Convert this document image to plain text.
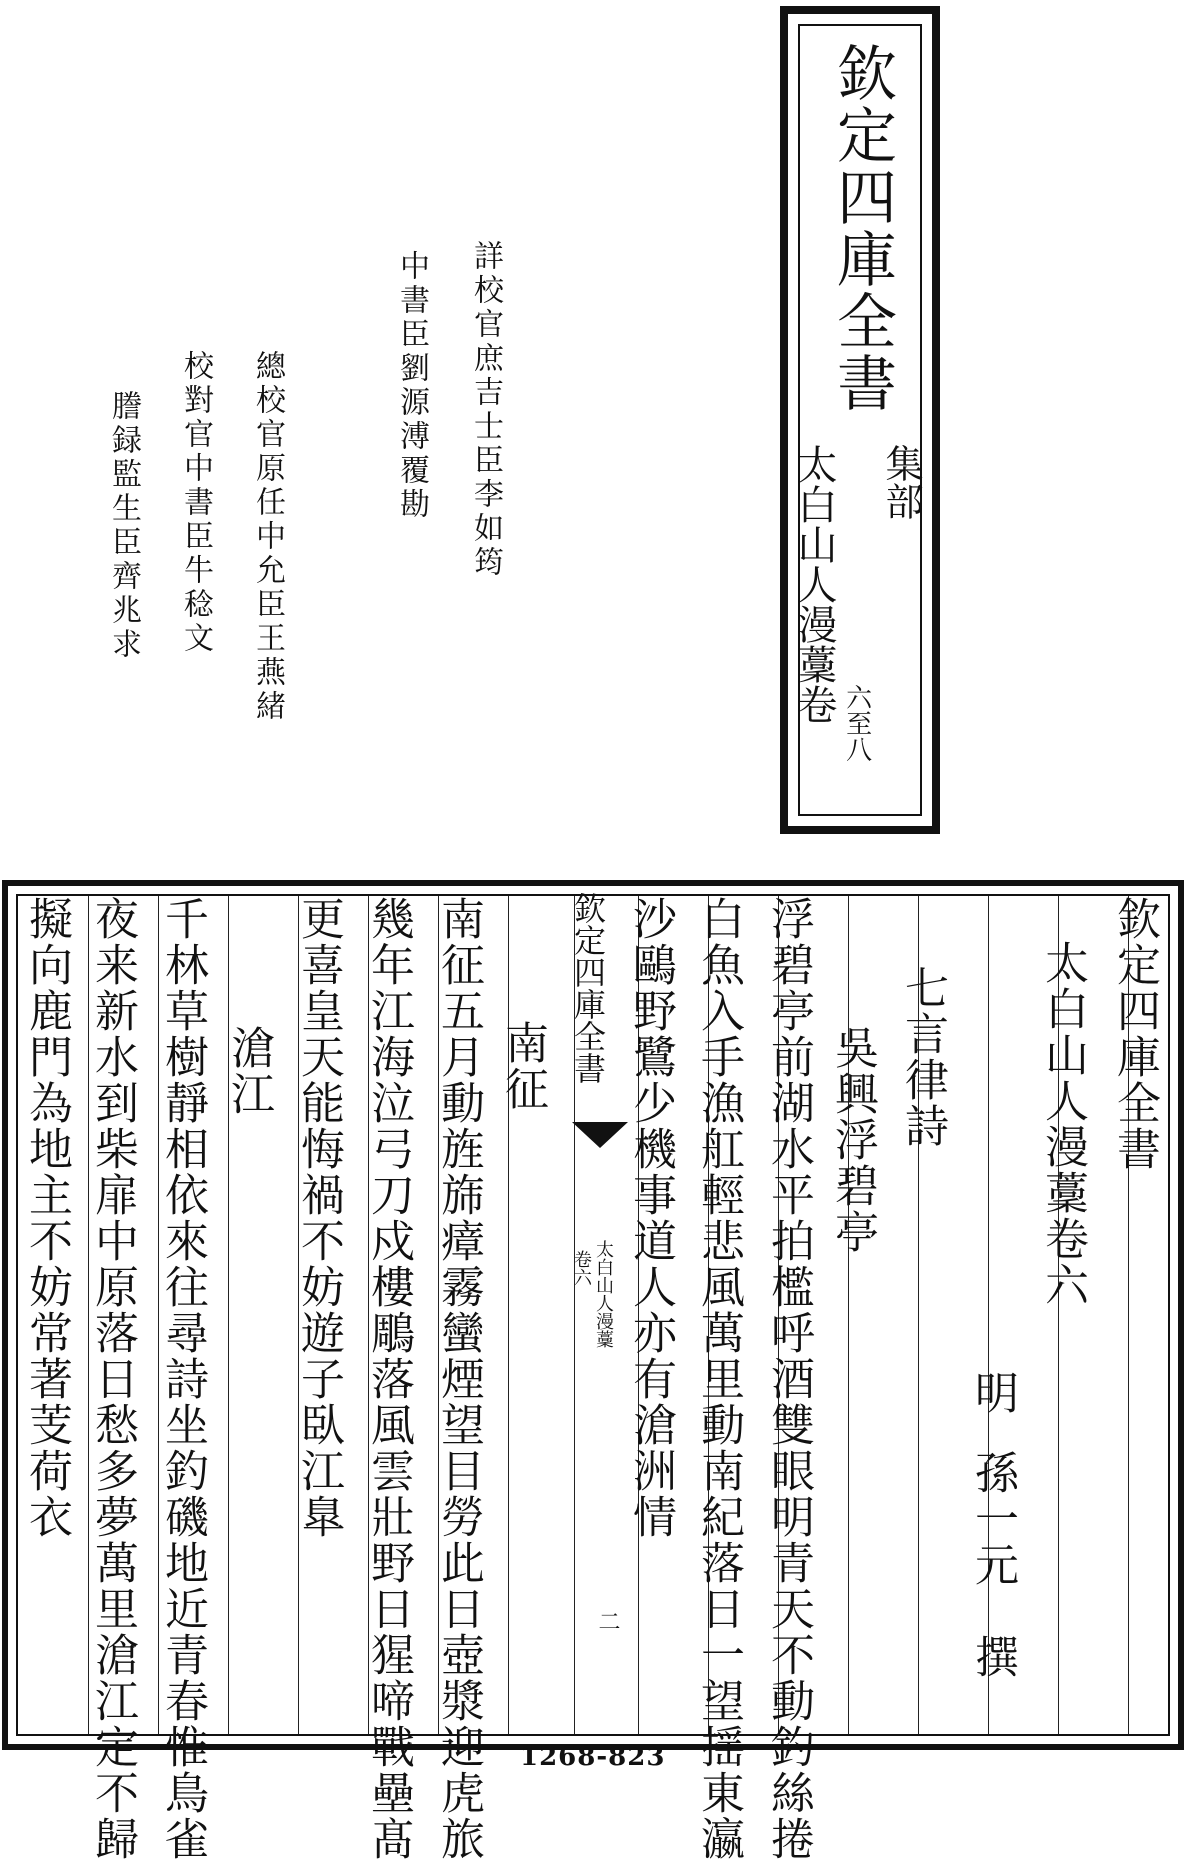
欽定四庫全書
集部
太白山人漫藳卷 六至八
詳校官庶吉士臣李如筠
中書臣劉源溥覆勘
總校官原任中允臣王燕緒
校對官中書臣牛稔文
謄録監生臣齊兆求
欽定四庫全書
太白山人漫藳卷六
明
孫一元　撰
七言律詩
吳興浮碧亭
浮碧亭前湖水平拍檻呼酒雙眼明青天不動釣絲捲
白魚入手漁舡輕悲風萬里動南紀落日一望揺東瀛
沙鷗野鷺少機事道人亦有滄洲情
欽定四庫全書
太白山人漫藳
卷六
二
南征
南征五月動旌旆瘴霧蠻煙望目勞此日壺漿迎虎旅
幾年江海泣弓刀戍樓鵰落風雲壯野日猩啼戰壘髙
更喜皇天能悔禍不妨遊子臥江臯
滄江
千林草樹靜相依來往尋詩坐釣磯地近青春惟鳥雀
夜来新水到柴扉中原落日愁多夢萬里滄江定不歸
擬向鹿門為地主不妨常著芰荷衣
1268-823
